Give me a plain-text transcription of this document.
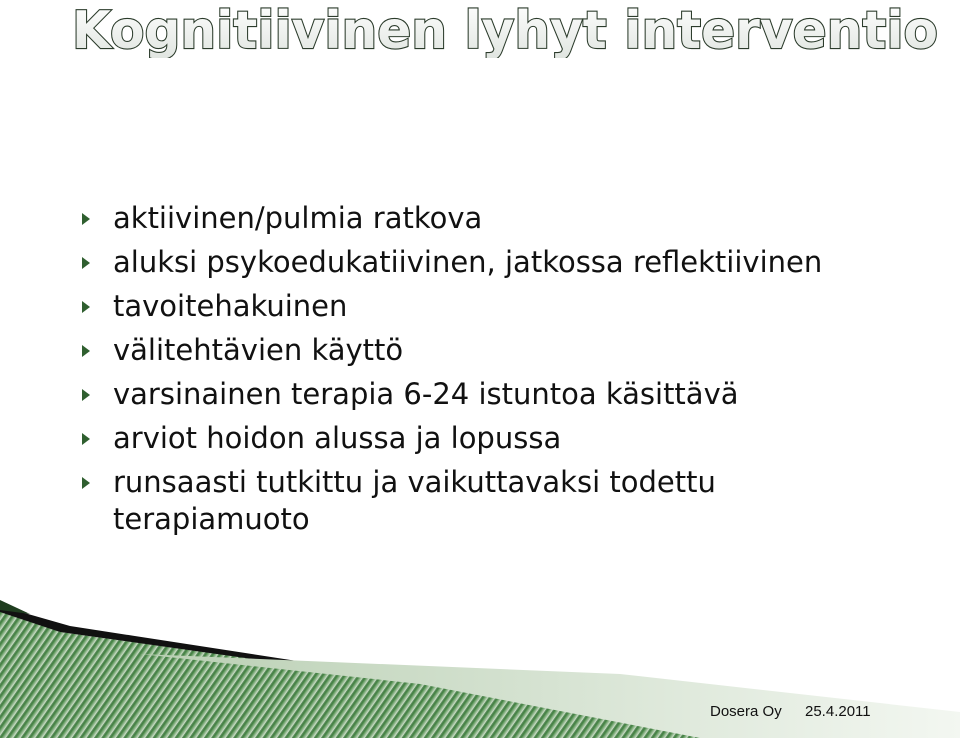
Kognitiivinen lyhyt interventio
aktiivinen/pulmia ratkova
aluksi psykoedukatiivinen, jatkossa reflektiivinen
tavoitehakuinen
välitehtävien käyttö
varsinainen terapia 6-24 istuntoa käsittävä
arviot hoidon alussa ja lopussa
runsaasti tutkittu ja vaikuttavaksi todettu terapiamuoto
Dosera Oy 25.4.2011
